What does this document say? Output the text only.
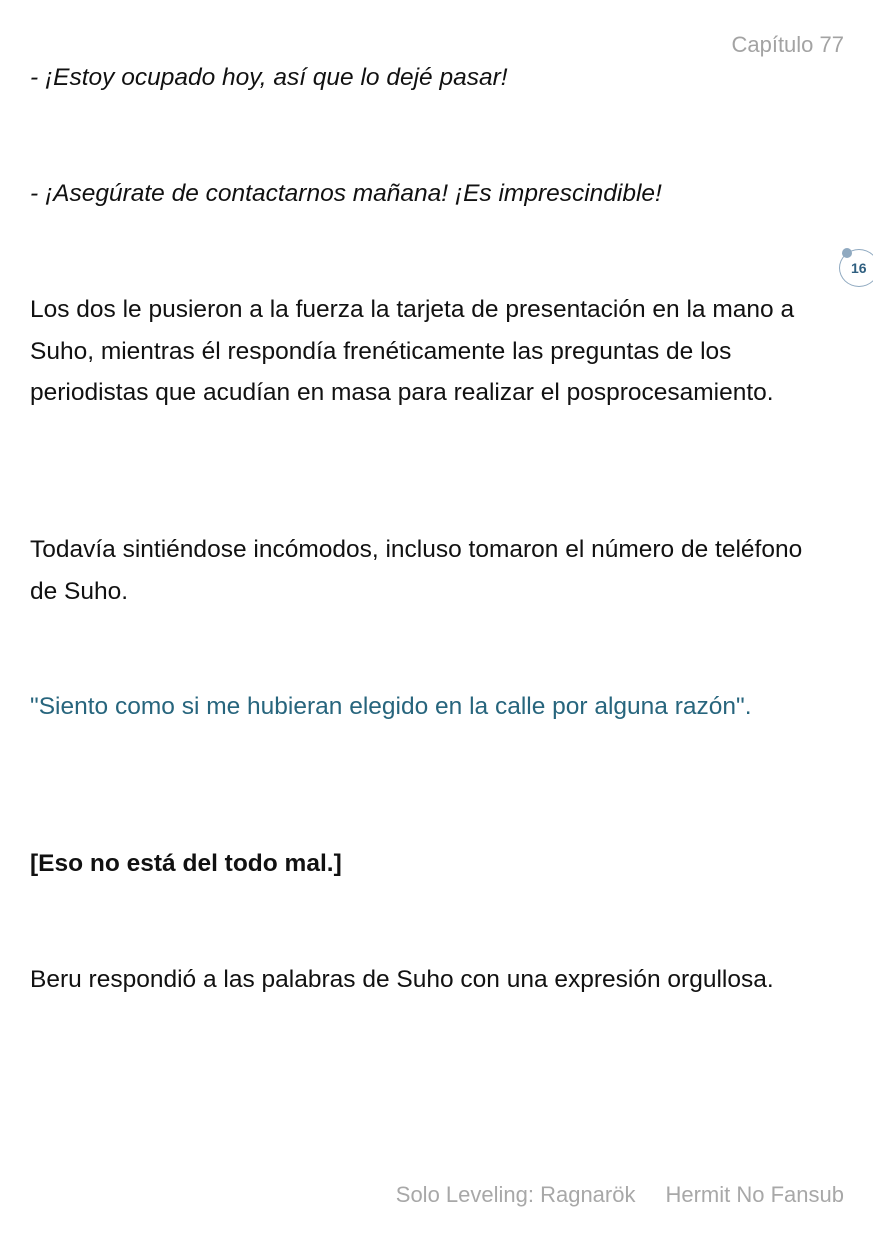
Capítulo 77
16

- ¡Estoy ocupado hoy, así que lo dejé pasar!

- ¡Asegúrate de contactarnos mañana! ¡Es imprescindible!

Los dos le pusieron a la fuerza la tarjeta de presentación en la mano a Suho, mientras él respondía frenéticamente las preguntas de los periodistas que acudían en masa para realizar el posprocesamiento.

Todavía sintiéndose incómodos, incluso tomaron el número de teléfono de Suho.

"Siento como si me hubieran elegido en la calle por alguna razón".

[Eso no está del todo mal.]

Beru respondió a las palabras de Suho con una expresión orgullosa.

Solo Leveling: Ragnarök Hermit No Fansub
